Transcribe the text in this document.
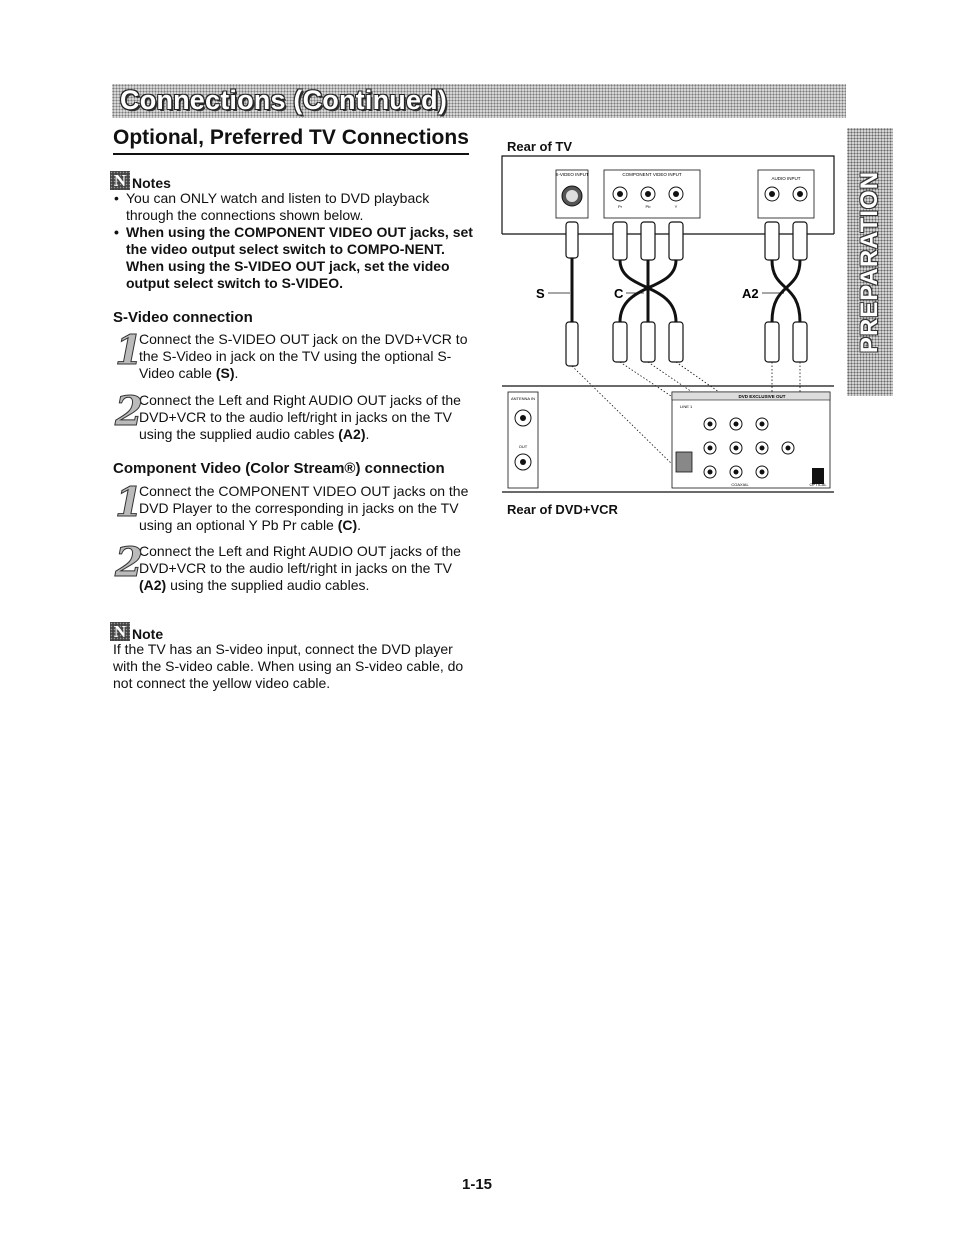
Connections (Continued)
PREPARATION
Optional, Preferred TV Connections
N Notes
• You can ONLY watch and listen to DVD playback through the connections shown below.
• When using the COMPONENT VIDEO OUT jacks, set the video output select switch to COMPO-NENT. When using the S-VIDEO OUT jack, set the video output select switch to S-VIDEO.
S-Video connection
1
Connect the S-VIDEO OUT jack on the DVD+VCR to the S-Video in jack on the TV using the optional S-Video cable (S).
2
Connect the Left and Right AUDIO OUT jacks of the DVD+VCR to the audio left/right in jacks on the TV using the supplied audio cables (A2).
Component Video (Color Stream®) connection
1
Connect the COMPONENT VIDEO OUT jacks on the DVD Player to the corresponding in jacks on the TV using an optional Y Pb Pr cable (C).
2
Connect the Left and Right AUDIO OUT jacks of the DVD+VCR to the audio left/right in jacks on the TV (A2) using the supplied audio cables.
N Note
If the TV has an S-video input, connect the DVD player with the S-video cable. When using an S-video cable, do not connect the yellow video cable.
Rear of TV
Rear of DVD+VCR
S-VIDEO INPUT	COMPONENT VIDEO INPUT
Pr	Pb	Y
AUDIO INPUT
S	C	A2
ANTENNA IN
OUT
DVD EXCLUSIVE OUT
LINE 1
COAXIAL	OPTICAL
1-15
